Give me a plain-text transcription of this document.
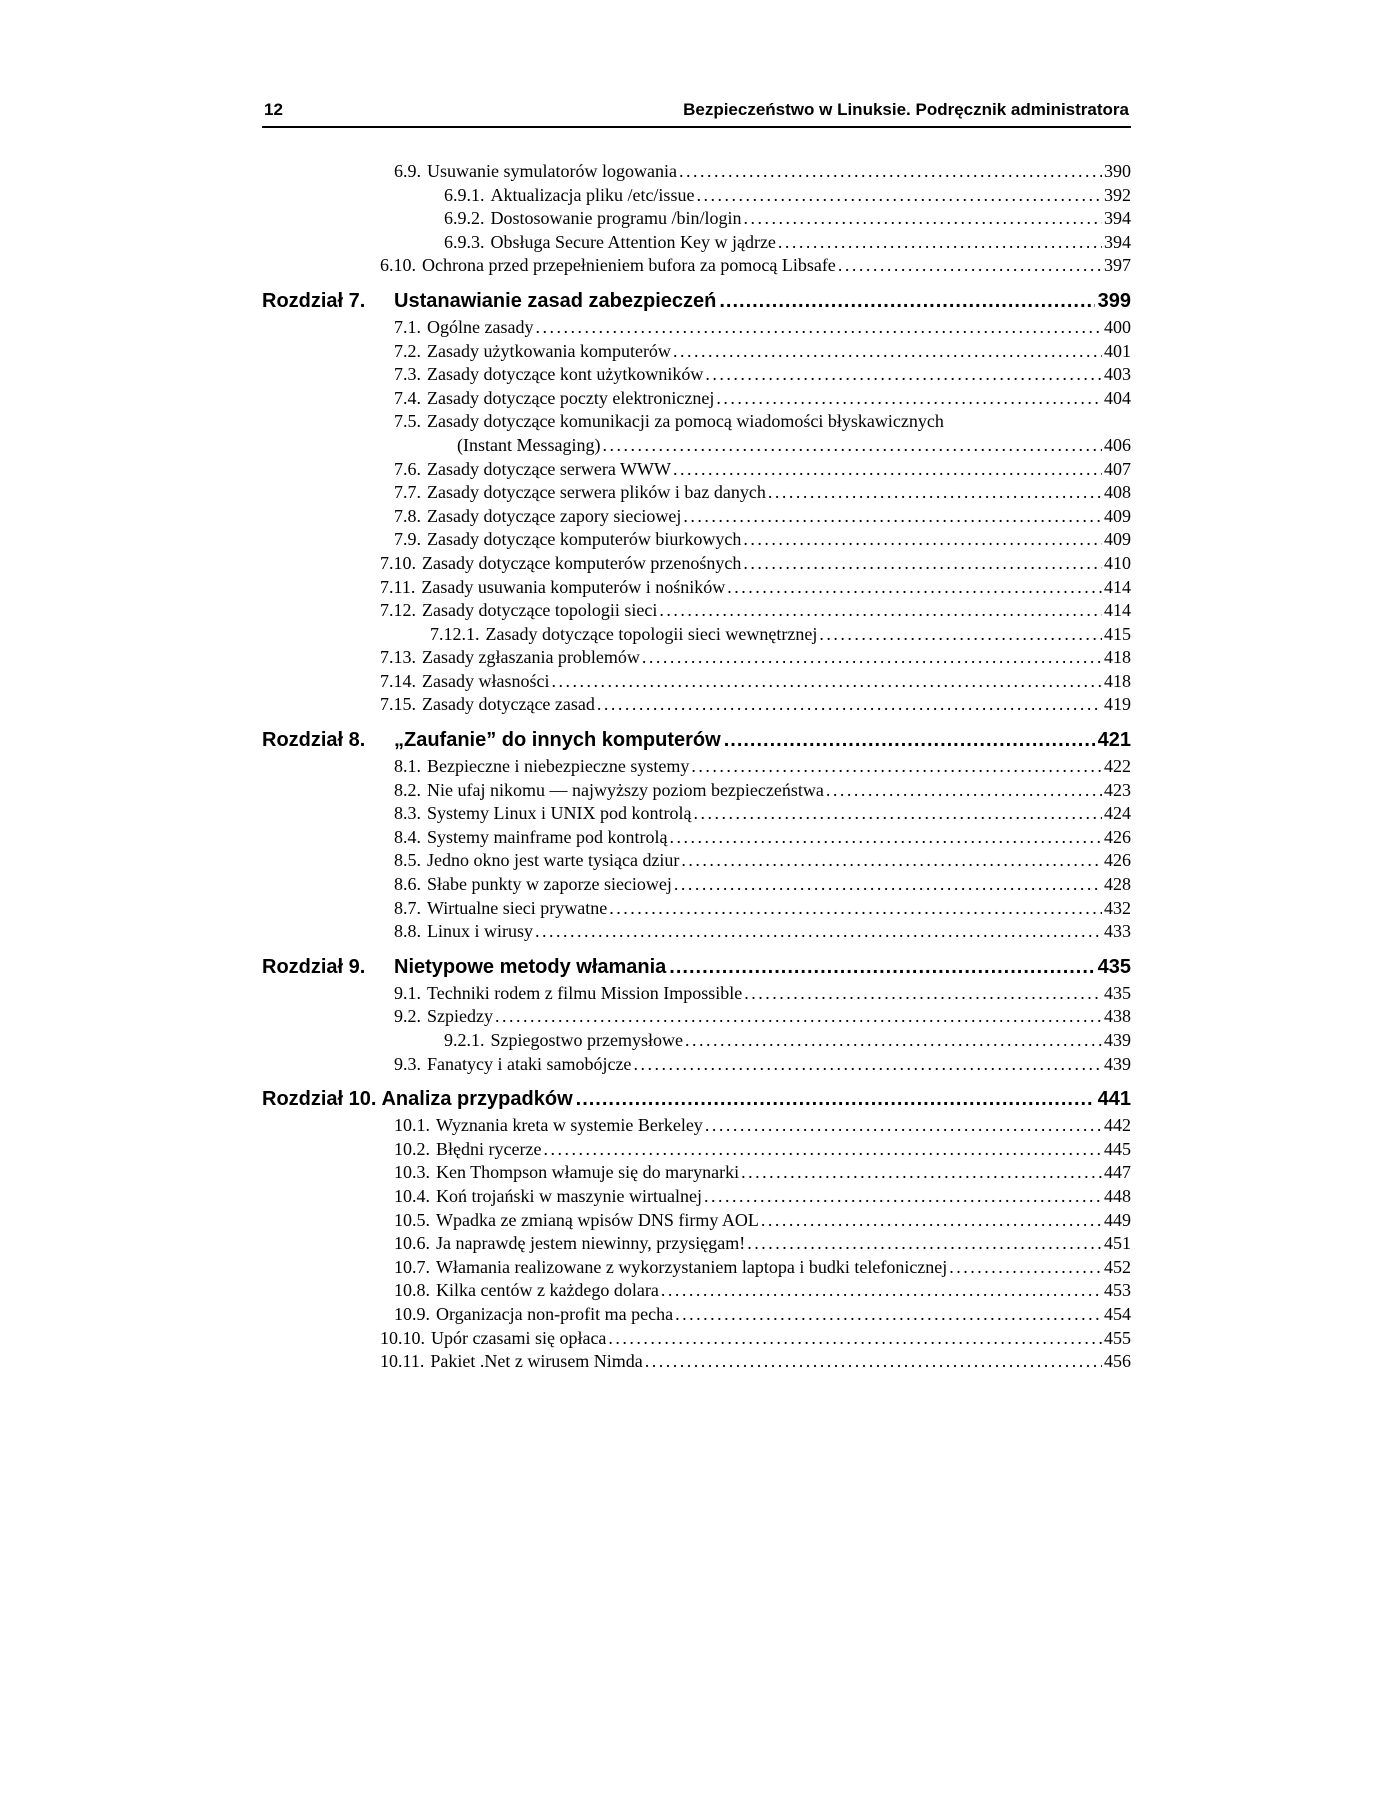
12	Bezpieczeństwo w Linuksie. Podręcznik administratora
6.9. Usuwanie symulatorów logowania . . .	390
6.9.1. Aktualizacja pliku /etc/issue . . .	392
6.9.2. Dostosowanie programu /bin/login . . .	394
6.9.3. Obsługa Secure Attention Key w jądrze . . .	394
6.10. Ochrona przed przepełnieniem bufora za pomocą Libsafe . . .	397
Rozdział 7.	Ustanawianie zasad zabezpieczeń .....	399
7.1. Ogólne zasady . . .	400
7.2. Zasady użytkowania komputerów . . .	401
7.3. Zasady dotyczące kont użytkowników . . .	403
7.4. Zasady dotyczące poczty elektronicznej . . .	404
7.5. Zasady dotyczące komunikacji za pomocą wiadomości błyskawicznych
(Instant Messaging) . . .	406
7.6. Zasady dotyczące serwera WWW . . .	407
7.7. Zasady dotyczące serwera plików i baz danych . . .	408
7.8. Zasady dotyczące zapory sieciowej . . .	409
7.9. Zasady dotyczące komputerów biurkowych . . .	409
7.10. Zasady dotyczące komputerów przenośnych . . .	410
7.11. Zasady usuwania komputerów i nośników . . .	414
7.12. Zasady dotyczące topologii sieci . . .	414
7.12.1. Zasady dotyczące topologii sieci wewnętrznej . . .	415
7.13. Zasady zgłaszania problemów . . .	418
7.14. Zasady własności . . .	418
7.15. Zasady dotyczące zasad . . .	419
Rozdział 8.	„Zaufanie” do innych komputerów .....	421
8.1. Bezpieczne i niebezpieczne systemy . . .	422
8.2. Nie ufaj nikomu — najwyższy poziom bezpieczeństwa . . .	423
8.3. Systemy Linux i UNIX pod kontrolą . . .	424
8.4. Systemy mainframe pod kontrolą . . .	426
8.5. Jedno okno jest warte tysiąca dziur . . .	426
8.6. Słabe punkty w zaporze sieciowej . . .	428
8.7. Wirtualne sieci prywatne . . .	432
8.8. Linux i wirusy . . .	433
Rozdział 9.	Nietypowe metody włamania .....	435
9.1. Techniki rodem z filmu Mission Impossible . . .	435
9.2. Szpiedzy . . .	438
9.2.1. Szpiegostwo przemysłowe . . .	439
9.3. Fanatycy i ataki samobójcze . . .	439
Rozdział 10. Analiza przypadków .....	441
10.1. Wyznania kreta w systemie Berkeley . . .	442
10.2. Błędni rycerze . . .	445
10.3. Ken Thompson włamuje się do marynarki . . .	447
10.4. Koń trojański w maszynie wirtualnej . . .	448
10.5. Wpadka ze zmianą wpisów DNS firmy AOL . . .	449
10.6. Ja naprawdę jestem niewinny, przysięgam! . . .	451
10.7. Włamania realizowane z wykorzystaniem laptopa i budki telefonicznej . . .	452
10.8. Kilka centów z każdego dolara . . .	453
10.9. Organizacja non-profit ma pecha . . .	454
10.10. Upór czasami się opłaca . . .	455
10.11. Pakiet .Net z wirusem Nimda . . .	456
